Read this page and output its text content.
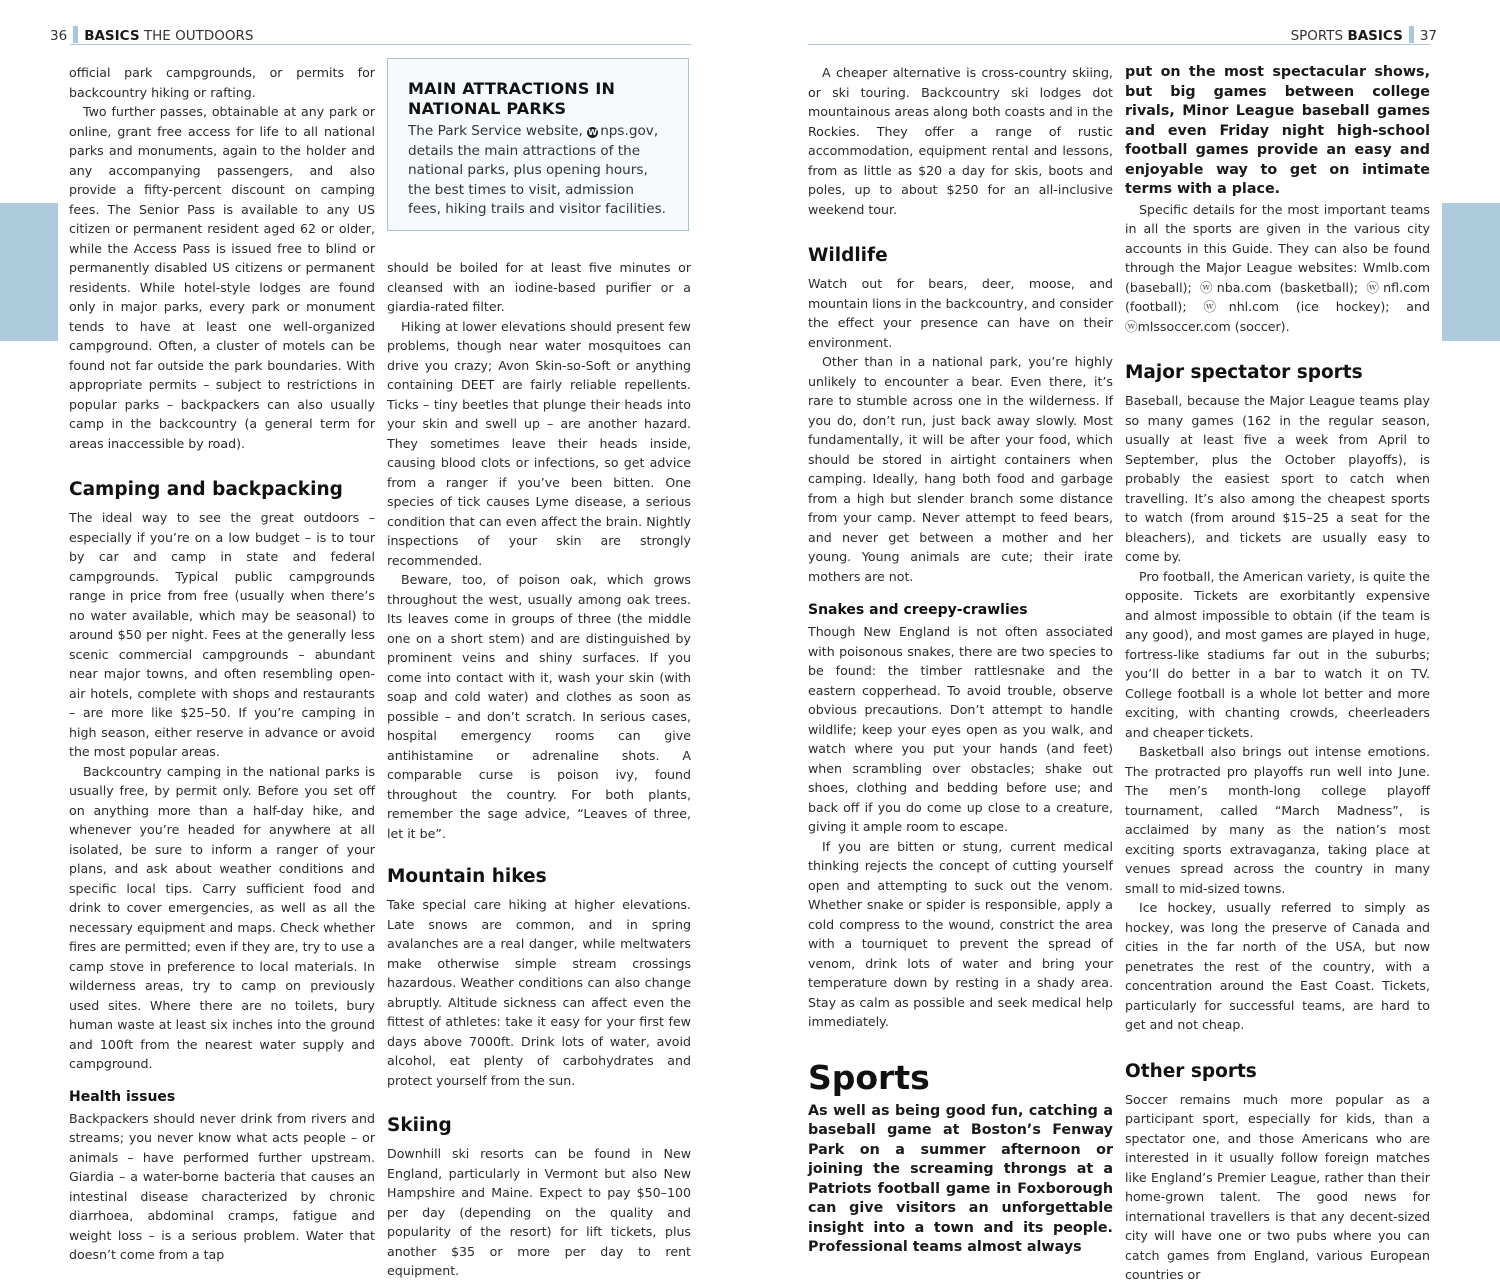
36 BASICS THE OUTDOORS

official park campgrounds, or permits for backcountry hiking or rafting.

Two further passes, obtainable at any park or online, grant free access for life to all national parks and monuments, again to the holder and any accompanying passengers, and also provide a fifty-percent discount on camping fees. The Senior Pass is available to any US citizen or permanent resident aged 62 or older, while the Access Pass is issued free to blind or permanently disabled US citizens or permanent residents. While hotel-style lodges are found only in major parks, every park or monument tends to have at least one well-organized campground. Often, a cluster of motels can be found not far outside the park boundaries. With appropriate permits – subject to restrictions in popular parks – backpackers can also usually camp in the backcountry (a general term for areas inaccessible by road).

Camping and backpacking

The ideal way to see the great outdoors – especially if you’re on a low budget – is to tour by car and camp in state and federal campgrounds. Typical public campgrounds range in price from free (usually when there’s no water available, which may be seasonal) to around $50 per night. Fees at the generally less scenic commercial campgrounds – abundant near major towns, and often resembling open-air hotels, complete with shops and restaurants – are more like $25–50. If you’re camping in high season, either reserve in advance or avoid the most popular areas.

Backcountry camping in the national parks is usually free, by permit only. Before you set off on anything more than a half-day hike, and whenever you’re headed for anywhere at all isolated, be sure to inform a ranger of your plans, and ask about weather conditions and specific local tips. Carry sufficient food and drink to cover emergencies, as well as all the necessary equipment and maps. Check whether fires are permitted; even if they are, try to use a camp stove in preference to local materials. In wilderness areas, try to camp on previously used sites. Where there are no toilets, bury human waste at least six inches into the ground and 100ft from the nearest water supply and campground.

Health issues

Backpackers should never drink from rivers and streams; you never know what acts people – or animals – have performed further upstream. Giardia – a water-borne bacteria that causes an intestinal disease characterized by chronic diarrhoea, abdominal cramps, fatigue and weight loss – is a serious problem. Water that doesn’t come from a tap

MAIN ATTRACTIONS IN NATIONAL PARKS

The Park Service website, W nps.gov, details the main attractions of the national parks, plus opening hours, the best times to visit, admission fees, hiking trails and visitor facilities.

should be boiled for at least five minutes or cleansed with an iodine-based purifier or a giardia-rated filter.

Hiking at lower elevations should present few problems, though near water mosquitoes can drive you crazy; Avon Skin-so-Soft or anything containing DEET are fairly reliable repellents. Ticks – tiny beetles that plunge their heads into your skin and swell up – are another hazard. They sometimes leave their heads inside, causing blood clots or infections, so get advice from a ranger if you’ve been bitten. One species of tick causes Lyme disease, a serious condition that can even affect the brain. Nightly inspections of your skin are strongly recommended.

Beware, too, of poison oak, which grows throughout the west, usually among oak trees. Its leaves come in groups of three (the middle one on a short stem) and are distinguished by prominent veins and shiny surfaces. If you come into contact with it, wash your skin (with soap and cold water) and clothes as soon as possible – and don’t scratch. In serious cases, hospital emergency rooms can give antihistamine or adrenaline shots. A comparable curse is poison ivy, found throughout the country. For both plants, remember the sage advice, “Leaves of three, let it be”.

Mountain hikes

Take special care hiking at higher elevations. Late snows are common, and in spring avalanches are a real danger, while meltwaters make otherwise simple stream crossings hazardous. Weather conditions can also change abruptly. Altitude sickness can affect even the fittest of athletes: take it easy for your first few days above 7000ft. Drink lots of water, avoid alcohol, eat plenty of carbohydrates and protect yourself from the sun.

Skiing

Downhill ski resorts can be found in New England, particularly in Vermont but also New Hampshire and Maine. Expect to pay $50–100 per day (depending on the quality and popularity of the resort) for lift tickets, plus another $35 or more per day to rent equipment.

SPORTS BASICS 37

A cheaper alternative is cross-country skiing, or ski touring. Backcountry ski lodges dot mountainous areas along both coasts and in the Rockies. They offer a range of rustic accommodation, equipment rental and lessons, from as little as $20 a day for skis, boots and poles, up to about $250 for an all-inclusive weekend tour.

Wildlife

Watch out for bears, deer, moose, and mountain lions in the backcountry, and consider the effect your presence can have on their environment.

Other than in a national park, you’re highly unlikely to encounter a bear. Even there, it’s rare to stumble across one in the wilderness. If you do, don’t run, just back away slowly. Most fundamentally, it will be after your food, which should be stored in airtight containers when camping. Ideally, hang both food and garbage from a high but slender branch some distance from your camp. Never attempt to feed bears, and never get between a mother and her young. Young animals are cute; their irate mothers are not.

Snakes and creepy-crawlies

Though New England is not often associated with poisonous snakes, there are two species to be found: the timber rattlesnake and the eastern copperhead. To avoid trouble, observe obvious precautions. Don’t attempt to handle wildlife; keep your eyes open as you walk, and watch where you put your hands (and feet) when scrambling over obstacles; shake out shoes, clothing and bedding before use; and back off if you do come up close to a creature, giving it ample room to escape.

If you are bitten or stung, current medical thinking rejects the concept of cutting yourself open and attempting to suck out the venom. Whether snake or spider is responsible, apply a cold compress to the wound, constrict the area with a tourniquet to prevent the spread of venom, drink lots of water and bring your temperature down by resting in a shady area. Stay as calm as possible and seek medical help immediately.

Sports

As well as being good fun, catching a baseball game at Boston’s Fenway Park on a summer afternoon or joining the screaming throngs at a Patriots football game in Foxborough can give visitors an unforgettable insight into a town and its people. Professional teams almost always

put on the most spectacular shows, but big games between college rivals, Minor League baseball games and even Friday night high-school football games provide an easy and enjoyable way to get on intimate terms with a place.

Specific details for the most important teams in all the sports are given in the various city accounts in this Guide. They can also be found through the Major League websites: Wmlb.com (baseball); ⓦnba.com (basketball); ⓦnfl.com (football); ⓦnhl.com (ice hockey); and ⓦmlssoccer.com (soccer).

Major spectator sports

Baseball, because the Major League teams play so many games (162 in the regular season, usually at least five a week from April to September, plus the October playoffs), is probably the easiest sport to catch when travelling. It’s also among the cheapest sports to watch (from around $15–25 a seat for the bleachers), and tickets are usually easy to come by.

Pro football, the American variety, is quite the opposite. Tickets are exorbitantly expensive and almost impossible to obtain (if the team is any good), and most games are played in huge, fortress-like stadiums far out in the suburbs; you’ll do better in a bar to watch it on TV. College football is a whole lot better and more exciting, with chanting crowds, cheerleaders and cheaper tickets.

Basketball also brings out intense emotions. The protracted pro playoffs run well into June. The men’s month-long college playoff tournament, called “March Madness”, is acclaimed by many as the nation’s most exciting sports extravaganza, taking place at venues spread across the country in many small to mid-sized towns.

Ice hockey, usually referred to simply as hockey, was long the preserve of Canada and cities in the far north of the USA, but now penetrates the rest of the country, with a concentration around the East Coast. Tickets, particularly for successful teams, are hard to get and not cheap.

Other sports

Soccer remains much more popular as a participant sport, especially for kids, than a spectator one, and those Americans who are interested in it usually follow foreign matches like England’s Premier League, rather than their home-grown talent. The good news for international travellers is that any decent-sized city will have one or two pubs where you can catch games from England, various European countries or
